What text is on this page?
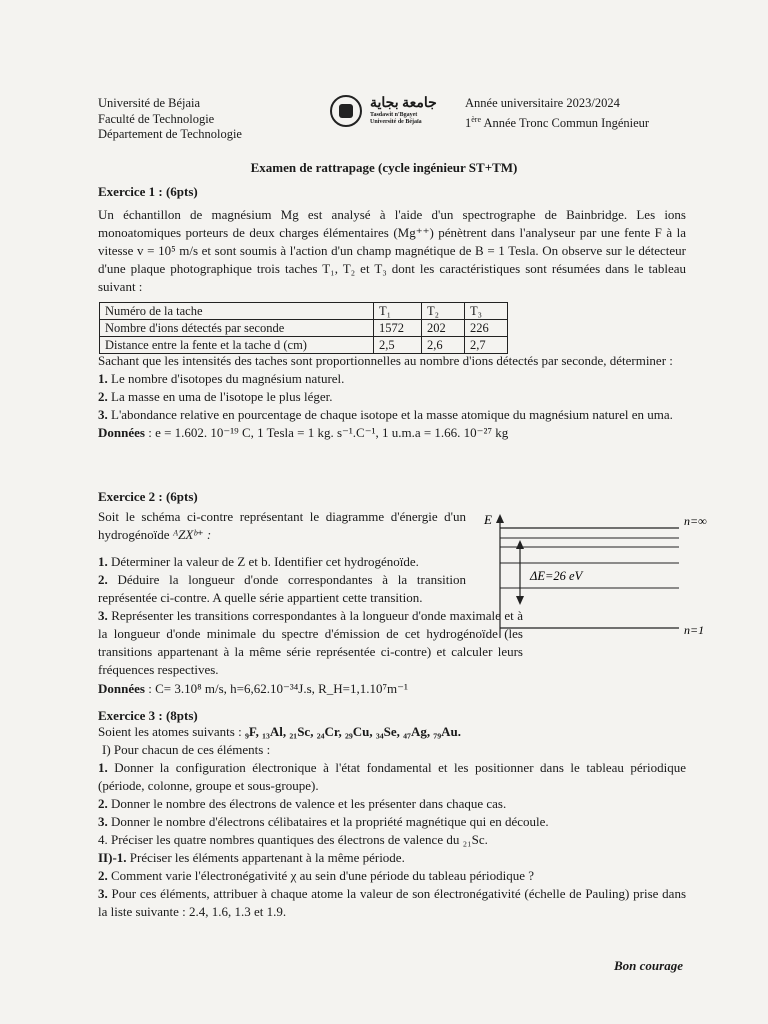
Université de Béjaia
Faculté de Technologie
Département de Technologie
جامعة بجاية
Tasdawit n'Bgayet
Université de Béjaïa
Année universitaire 2023/2024
1ère Année Tronc Commun Ingénieur
Examen de rattrapage (cycle ingénieur ST+TM)
Exercice 1 : (6pts)
Un échantillon de magnésium Mg est analysé à l'aide d'un spectrographe de Bainbridge. Les ions monoatomiques porteurs de deux charges élémentaires (Mg⁺⁺) pénètrent dans l'analyseur par une fente F à la vitesse v = 10⁵ m/s et sont soumis à l'action d'un champ magnétique de B = 1 Tesla. On observe sur le détecteur d'une plaque photographique trois taches T₁, T₂ et T₃ dont les caractéristiques sont résumées dans le tableau suivant :
Numéro de la tache	T₁	T₂	T₃
Nombre d'ions détectés par seconde	1572	202	226
Distance entre la fente et la tache d (cm)	2,5	2,6	2,7

Sachant que les intensités des taches sont proportionnelles au nombre d'ions détectés par seconde, déterminer :

1. Le nombre d'isotopes du magnésium naturel.

2. La masse en uma de l'isotope le plus léger.

3. L'abondance relative en pourcentage de chaque isotope et la masse atomique du magnésium naturel en uma.

Données : e = 1.602. 10⁻¹⁹ C, 1 Tesla = 1 kg. s⁻¹.C⁻¹, 1 u.m.a = 1.66. 10⁻²⁷ kg

Exercice 2 : (6pts)
Soit le schéma ci-contre représentant le diagramme d'énergie d'un hydrogénoïde ᴬZXᵇ⁺ :

1. Déterminer la valeur de Z et b. Identifier cet hydrogénoïde.

2. Déduire la longueur d'onde correspondantes à la transition représentée ci-contre. A quelle série appartient cette transition.

3. Représenter les transitions correspondantes à la longueur d'onde maximale et à la longueur d'onde minimale du spectre d'émission de cet hydrogénoïde (les transitions appartenant à la même série représentée ci-contre) et calculer leurs fréquences respectives.

Données : C= 3.10⁸ m/s, h=6,62.10⁻³⁴J.s, R_H=1,1.10⁷m⁻¹
E
ΔE=26 eV
n=∞
n=1
Exercice 3 : (8pts)
Soient les atomes suivants : ₉F, ₁₃Al, ₂₁Sc, ₂₄Cr, ₂₉Cu, ₃₄Se, ₄₇Ag, ₇₉Au.

I) Pour chacun de ces éléments :

1. Donner la configuration électronique à l'état fondamental et les positionner dans le tableau périodique (période, colonne, groupe et sous-groupe).

2. Donner le nombre des électrons de valence et les présenter dans chaque cas.

3. Donner le nombre d'électrons célibataires et la propriété magnétique qui en découle.

4. Préciser les quatre nombres quantiques des électrons de valence du ₂₁Sc.

II)-1. Préciser les éléments appartenant à la même période.

2. Comment varie l'électronégativité χ au sein d'une période du tableau périodique ?

3. Pour ces éléments, attribuer à chaque atome la valeur de son électronégativité (échelle de Pauling) prise dans la liste suivante : 2.4, 1.6, 1.3 et 1.9.

Bon courage
